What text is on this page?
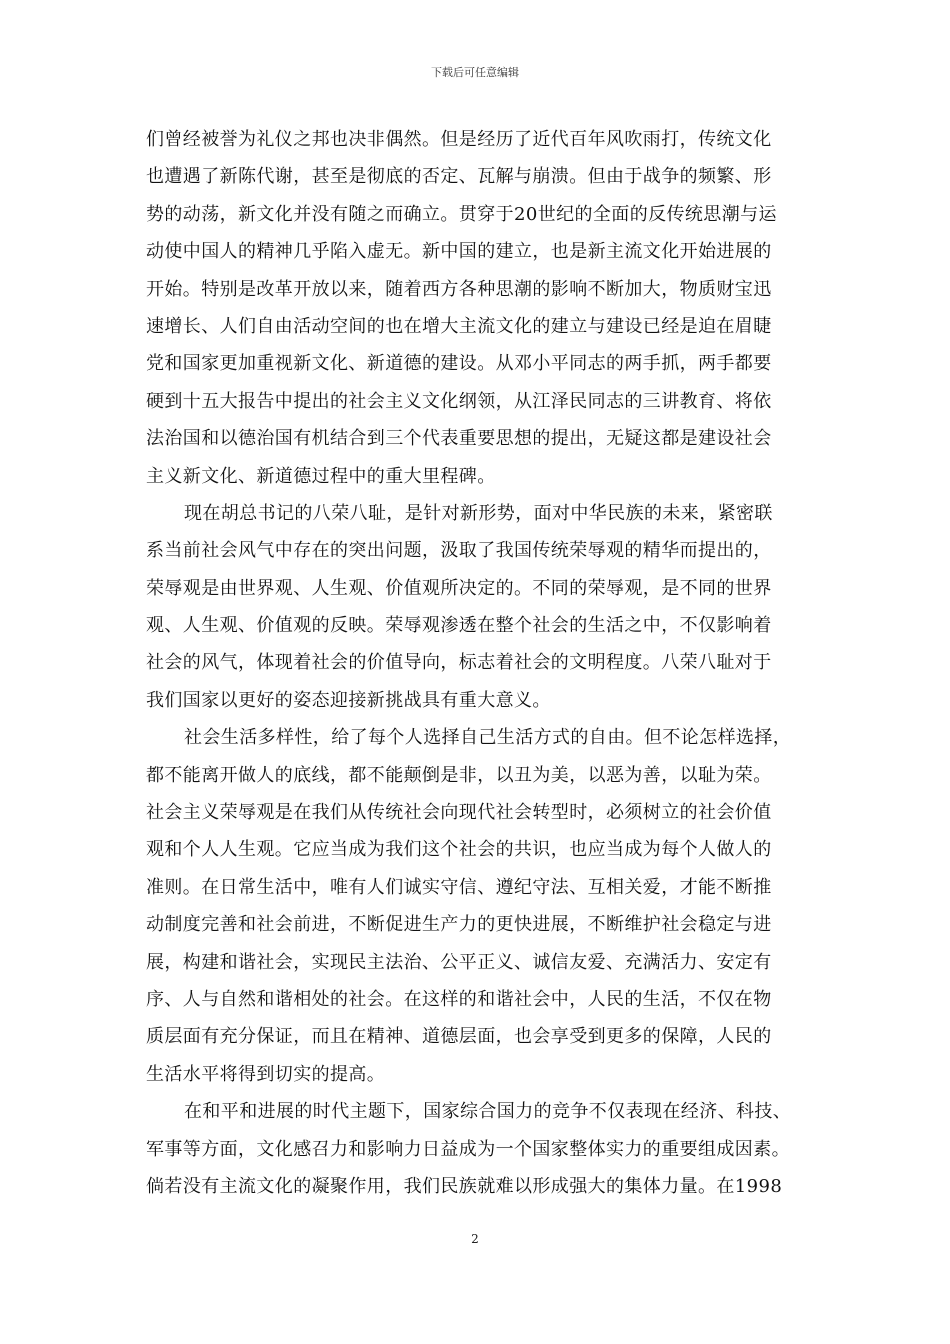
下载后可任意编辑

们曾经被誉为礼仪之邦也决非偶然。但是经历了近代百年风吹雨打，传统文化
也遭遇了新陈代谢，甚至是彻底的否定、瓦解与崩溃。但由于战争的频繁、形
势的动荡，新文化并没有随之而确立。贯穿于20世纪的全面的反传统思潮与运
动使中国人的精神几乎陷入虚无。新中国的建立，也是新主流文化开始进展的
开始。特别是改革开放以来，随着西方各种思潮的影响不断加大，物质财宝迅
速增长、人们自由活动空间的也在增大主流文化的建立与建设已经是迫在眉睫
党和国家更加重视新文化、新道德的建设。从邓小平同志的两手抓，两手都要
硬到十五大报告中提出的社会主义文化纲领，从江泽民同志的三讲教育、将依
法治国和以德治国有机结合到三个代表重要思想的提出，无疑这都是建设社会
主义新文化、新道德过程中的重大里程碑。

现在胡总书记的八荣八耻，是针对新形势，面对中华民族的未来，紧密联
系当前社会风气中存在的突出问题，汲取了我国传统荣辱观的精华而提出的，
荣辱观是由世界观、人生观、价值观所决定的。不同的荣辱观，是不同的世界
观、人生观、价值观的反映。荣辱观渗透在整个社会的生活之中，不仅影响着
社会的风气，体现着社会的价值导向，标志着社会的文明程度。八荣八耻对于
我们国家以更好的姿态迎接新挑战具有重大意义。

社会生活多样性，给了每个人选择自己生活方式的自由。但不论怎样选择，
都不能离开做人的底线，都不能颠倒是非，以丑为美，以恶为善，以耻为荣。
社会主义荣辱观是在我们从传统社会向现代社会转型时，必须树立的社会价值
观和个人人生观。它应当成为我们这个社会的共识，也应当成为每个人做人的
准则。在日常生活中，唯有人们诚实守信、遵纪守法、互相关爱，才能不断推
动制度完善和社会前进，不断促进生产力的更快进展，不断维护社会稳定与进
展，构建和谐社会，实现民主法治、公平正义、诚信友爱、充满活力、安定有
序、人与自然和谐相处的社会。在这样的和谐社会中，人民的生活，不仅在物
质层面有充分保证，而且在精神、道德层面，也会享受到更多的保障，人民的
生活水平将得到切实的提高。

在和平和进展的时代主题下，国家综合国力的竞争不仅表现在经济、科技、
军事等方面，文化感召力和影响力日益成为一个国家整体实力的重要组成因素。
倘若没有主流文化的凝聚作用，我们民族就难以形成强大的集体力量。在1998

2
